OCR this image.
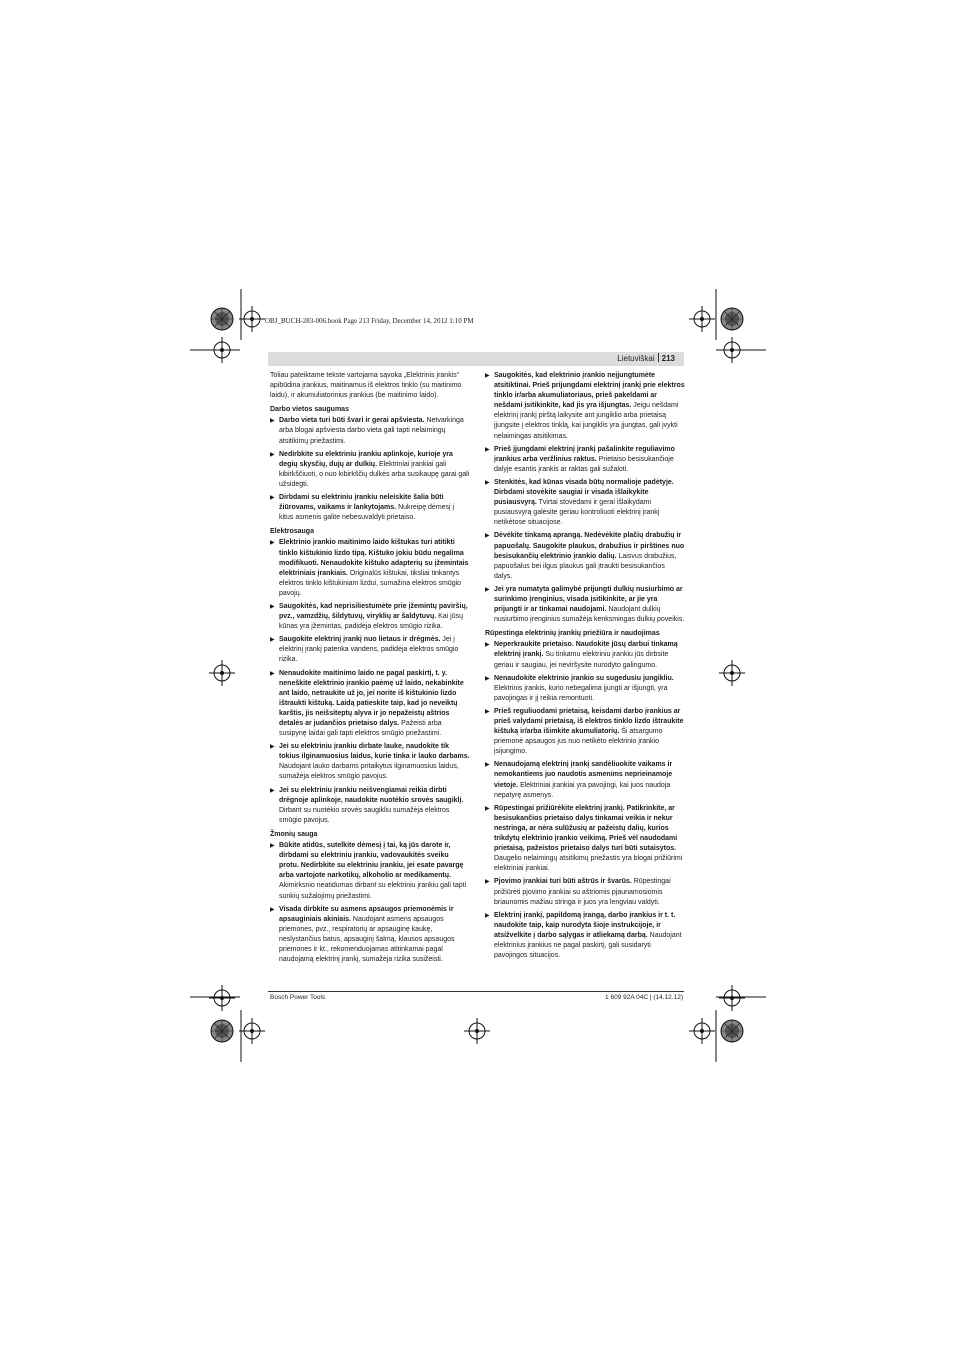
OBJ_BUCH-283-006.book Page 213 Friday, December 14, 2012 1:10 PM
Lietuviškai 213

Toliau pateiktame tekste vartojama sąvoka „Elektrinis įrankis“ apibūdina įrankius, maitinamus iš elektros tinklo (su maitinimo laidu), ir akumuliatorinius įrankius (be maitinimo laido).

Darbo vietos saugumas
▶ Darbo vieta turi būti švari ir gerai apšviesta. Netvarkinga arba blogai apšviesta darbo vieta gali tapti nelaimingų atsitikimų priežastimi.
▶ Nedirbkite su elektriniu įrankiu aplinkoje, kurioje yra degių skysčių, dujų ar dulkių. Elektriniai įrankiai gali kibirkščiuoti, o nuo kibirkščių dulkės arba susikaupę garai gali užsidegti.
▶ Dirbdami su elektriniu įrankiu neleiskite šalia būti žiūrovams, vaikams ir lankytojams. Nukreipę dėmesį į kitus asmenis galite nebesuvaldyti prietaiso.
Elektrosauga
▶ Elektrinio įrankio maitinimo laido kištukas turi atitikti tinklo kištukinio lizdo tipą. Kištuko jokiu būdu negalima modifikuoti. Nenaudokite kištuko adapterių su įžemintais elektriniais įrankiais. Originalūs kištukai, tiksliai tinkantys elektros tinklo kištukiniam lizdui, sumažina elektros smūgio pavojų.
▶ Saugokitės, kad neprisiliestumėte prie įžemintų paviršių, pvz., vamzdžių, šildytuvų, viryklių ar šaldytuvų. Kai jūsų kūnas yra įžemintas, padidėja elektros smūgio rizika.
▶ Saugokite elektrinį įrankį nuo lietaus ir drėgmės. Jei į elektrinį įrankį patenka vandens, padidėja elektros smūgio rizika.
▶ Nenaudokite maitinimo laido ne pagal paskirtį, t. y. neneškite elektrinio įrankio paėmę už laido, nekabinkite ant laido, netraukite už jo, jei norite iš kištukinio lizdo ištraukti kištuką. Laidą patieskite taip, kad jo neveiktų karštis, jis neišsiteptų alyva ir jo nepažeistų aštrios detalės ar judančios prietaiso dalys. Pažeisti arba susipynę laidai gali tapti elektros smūgio priežastimi.
▶ Jei su elektriniu įrankiu dirbate lauke, naudokite tik tokius ilginamuosius laidus, kurie tinka ir lauko darbams. Naudojant lauko darbams pritaikytus ilginamuosius laidus, sumažėja elektros smūgio pavojus.
▶ Jei su elektriniu įrankiu neišvengiamai reikia dirbti drėgnoje aplinkoje, naudokite nuotėkio srovės saugiklį. Dirbant su nuotėkio srovės saugikliu sumažėja elektros smūgio pavojus.
Žmonių sauga
▶ Būkite atidūs, sutelkite dėmesį į tai, ką jūs darote ir, dirbdami su elektriniu įrankiu, vadovaukitės sveiku protu. Nedirbkite su elektriniu įrankiu, jei esate pavargę arba vartojote narkotikų, alkoholio ar medikamentų. Akimirksnio neatidumas dirbant su elektriniu įrankiu gali tapti sunkių sužalojimų priežastimi.
▶ Visada dirbkite su asmens apsaugos priemonėmis ir apsauginiais akiniais. Naudojant asmens apsaugos priemones, pvz., respiratorių ar apsauginę kaukę, neslystančius batus, apsauginį šalmą, klausos apsaugos priemones ir kt., rekomenduojamas atitinkamai pagal naudojamą elektrinį įrankį, sumažėja rizika susižeisti.
▶ Saugokitės, kad elektrinio įrankio neįjungtumėte atsitiktinai. Prieš prijungdami elektrinį įrankį prie elektros tinklo ir/arba akumuliatoriaus, prieš pakeldami ar nešdami įsitikinkite, kad jis yra išjungtas. Jeigu nešdami elektrinį įrankį pirštą laikysite ant jungiklio arba prietaisą įjungsite į elektros tinklą, kai jungiklis yra įjungtas, gali įvykti nelaimingas atsitikimas.
▶ Prieš įjungdami elektrinį įrankį pašalinkite reguliavimo įrankius arba veržlinius raktus. Prietaiso besisukančioje dalyje esantis įrankis ar raktas gali sužaloti.
▶ Stenkitės, kad kūnas visada būtų normalioje padėtyje. Dirbdami stovėkite saugiai ir visada išlaikykite pusiausvyrą. Tvirtai stovėdami ir gerai išlaikydami pusiausvyrą galėsite geriau kontroliuoti elektrinį įrankį netikėtose situacijose.
▶ Dėvėkite tinkamą aprangą. Nedėvėkite plačių drabužių ir papuošalų. Saugokite plaukus, drabužius ir pirštines nuo besisukančių elektrinio įrankio dalių. Laisvus drabužius, papuošalus bei ilgus plaukus gali įtraukti besisukančios dalys.
▶ Jei yra numatyta galimybė prijungti dulkių nusiurbimo ar surinkimo įrenginius, visada įsitikinkite, ar jie yra prijungti ir ar tinkamai naudojami. Naudojant dulkių nusiurbimo įrenginius sumažėja kenksmingas dulkių poveikis.
Rūpestinga elektrinių įrankių priežiūra ir naudojimas
▶ Neperkraukite prietaiso. Naudokite jūsų darbui tinkamą elektrinį įrankį. Su tinkamu elektriniu įrankiu jūs dirbsite geriau ir saugiau, jei neviršysite nurodyto galingumo.
▶ Nenaudokite elektrinio įrankio su sugedusiu jungikliu. Elektrinis įrankis, kurio nebegalima įjungti ar išjungti, yra pavojingas ir jį reikia remontuoti.
▶ Prieš reguliuodami prietaisą, keisdami darbo įrankius ar prieš valydami prietaisą, iš elektros tinklo lizdo ištraukite kištuką ir/arba išimkite akumuliatorių. Ši atsargumo priemonė apsaugos jus nuo netikėto elektrinio įrankio įsijungimo.
▶ Nenaudojamą elektrinį įrankį sandėliuokite vaikams ir nemokantiems juo naudotis asmenims neprieinamoje vietoje. Elektriniai įrankiai yra pavojingi, kai juos naudoja nepatyrę asmenys.
▶ Rūpestingai prižiūrėkite elektrinį įrankį. Patikrinkite, ar besisukančios prietaiso dalys tinkamai veikia ir nekur nestringa, ar nėra sulūžusių ar pažeistų dalių, kurios trikdytų elektrinio įrankio veikimą. Prieš vėl naudodami prietaisą, pažeistos prietaiso dalys turi būti sutaisytos. Daugelio nelaimingų atsitikimų priežastis yra blogai prižiūrimi elektriniai įrankiai.
▶ Pjovimo įrankiai turi būti aštrūs ir švarūs. Rūpestingai prižiūrėti pjovimo įrankiai su aštriomis pjaunamosiomis briaunomis mažiau stringa ir juos yra lengviau valdyti.
▶ Elektrinį įrankį, papildomą įrangą, darbo įrankius ir t. t. naudokite taip, kaip nurodyta šioje instrukcijoje, ir atsižvelkite į darbo sąlygas ir atliekamą darbą. Naudojant elektrinius įrankius ne pagal paskirtį, gali susidaryti pavojingos situacijos.
Bosch Power Tools	1 609 92A 04C | (14.12.12)
